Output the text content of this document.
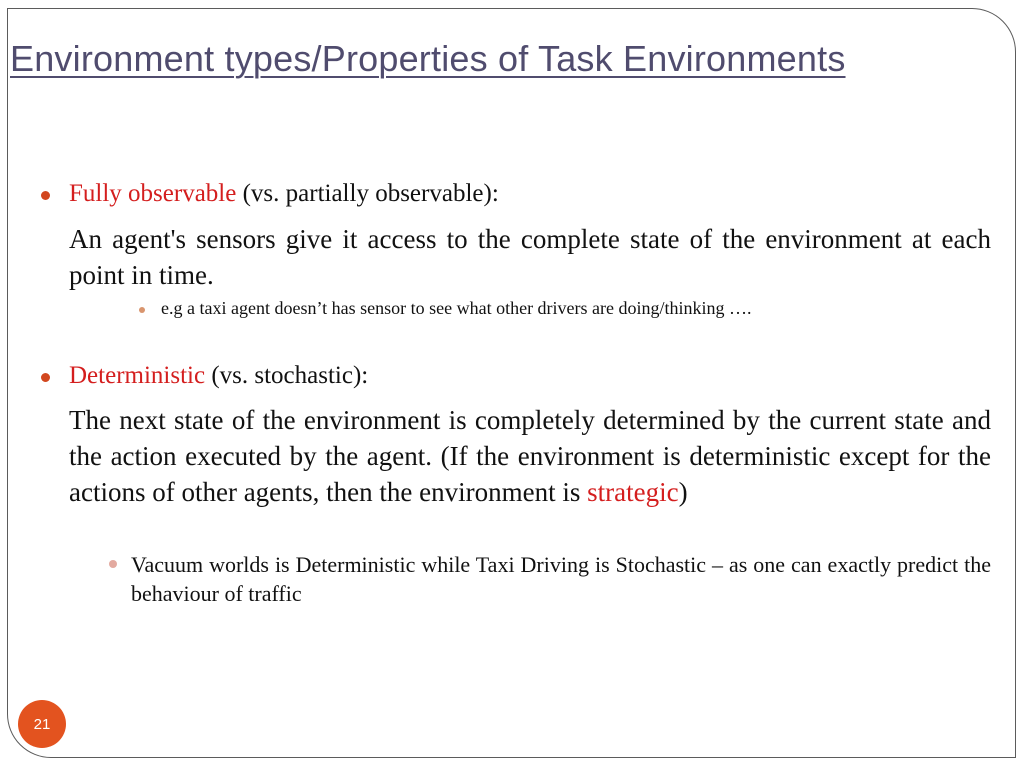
Environment types/Properties of Task Environments
Fully observable (vs. partially observable):
An agent's sensors give it access to the complete state of the environment at each point in time.
e.g a taxi agent doesn’t has sensor to see what other drivers are doing/thinking ….
Deterministic (vs. stochastic):
The next state of the environment is completely determined by the current state and the action executed by the agent. (If the environment is deterministic except for the actions of other agents, then the environment is strategic)
Vacuum worlds is Deterministic while Taxi Driving is Stochastic – as one can exactly predict the behaviour of traffic
21
